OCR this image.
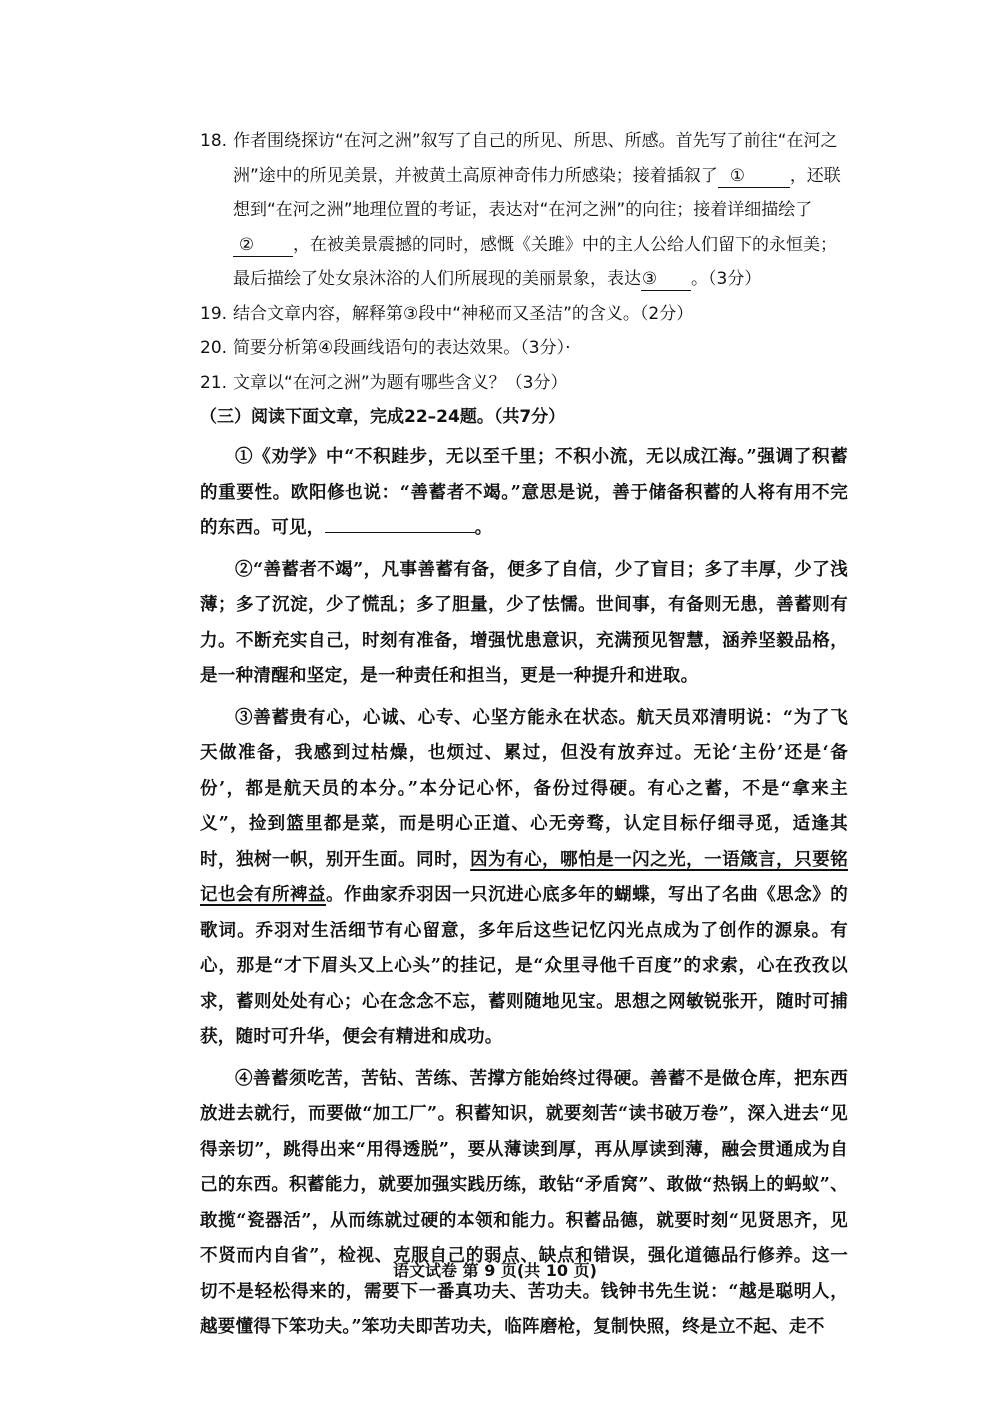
18. 作者围绕探访“在河之洲”叙写了自己的所见、所思、所感。首先写了前往“在河之洲”途中的所见美景，并被黄土高原神奇伟力所感染；接着插叙了 ①	，还联想到“在河之洲”地理位置的考证，表达对“在河之洲”的向往；接着详细描绘了② ，在被美景震撼的同时，感慨《关雎》中的主人公给人们留下的永恒美；最后描绘了处女泉沐浴的人们所展现的美丽景象，表达③ 。（3分）

19. 结合文章内容，解释第③段中“神秘而又圣洁”的含义。（2分）

20. 简要分析第④段画线语句的表达效果。（3分）·

21. 文章以“在河之洲”为题有哪些含义？（3分）

（三）阅读下面文章，完成22–24题。（共7分）

①《劝学》中“不积跬步，无以至千里；不积小流，无以成江海。”强调了积蓄的重要性。欧阳修也说：“善蓄者不竭。”意思是说，善于储备积蓄的人将有用不完的东西。可见，	。

②“善蓄者不竭”，凡事善蓄有备，便多了自信，少了盲目；多了丰厚，少了浅薄；多了沉淀，少了慌乱；多了胆量，少了怯懦。世间事，有备则无患，善蓄则有力。不断充实自己，时刻有准备，增强忧患意识，充满预见智慧，涵养坚毅品格，是一种清醒和坚定，是一种责任和担当，更是一种提升和进取。

③善蓄贵有心，心诚、心专、心坚方能永在状态。航天员邓清明说：“为了飞天做准备，我感到过枯燥，也烦过、累过，但没有放弃过。无论‘主份’还是‘备份’，都是航天员的本分。”本分记心怀，备份过得硬。有心之蓄，不是“拿来主义”，捡到篮里都是菜，而是明心正道、心无旁骛，认定目标仔细寻觅，适逢其时，独树一帜，别开生面。同时，因为有心，哪怕是一闪之光，一语箴言，只要铭记也会有所裨益。作曲家乔羽因一只沉进心底多年的蝴蝶，写出了名曲《思念》的歌词。乔羽对生活细节有心留意，多年后这些记忆闪光点成为了创作的源泉。有心，那是“才下眉头又上心头”的挂记，是“众里寻他千百度”的求索，心在孜孜以求，蓄则处处有心；心在念念不忘，蓄则随地见宝。思想之网敏锐张开，随时可捕获，随时可升华，便会有精进和成功。

④善蓄须吃苦，苦钻、苦练、苦撑方能始终过得硬。善蓄不是做仓库，把东西放进去就行，而要做“加工厂”。积蓄知识，就要刻苦“读书破万卷”，深入进去“见得亲切”，跳得出来“用得透脱”，要从薄读到厚，再从厚读到薄，融会贯通成为自己的东西。积蓄能力，就要加强实践历练，敢钻“矛盾窝”、敢做“热锅上的蚂蚁”、敢揽“瓷器活”，从而练就过硬的本领和能力。积蓄品德，就要时刻“见贤思齐，见不贤而内自省”，检视、克服自己的弱点、缺点和错误，强化道德品行修养。这一切不是轻松得来的，需要下一番真功夫、苦功夫。钱钟书先生说：“越是聪明人，越要懂得下笨功夫。”笨功夫即苦功夫，临阵磨枪，复制快照，终是立不起、走不

语文试卷 第 9 页(共 10 页)
